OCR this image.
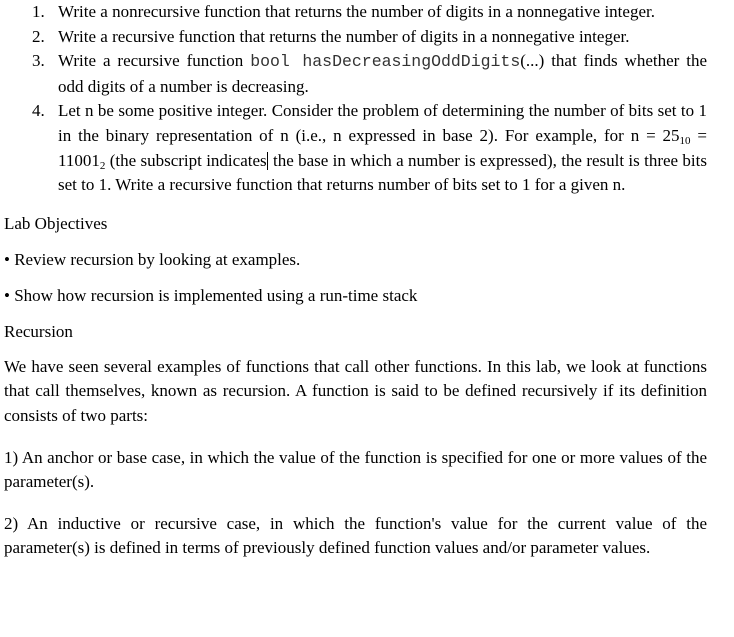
1. Write a nonrecursive function that returns the number of digits in a nonnegative integer.
2. Write a recursive function that returns the number of digits in a nonnegative integer.
3. Write a recursive function bool hasDecreasingOddDigits(...) that finds whether the odd digits of a number is decreasing.
4. Let n be some positive integer. Consider the problem of determining the number of bits set to 1 in the binary representation of n (i.e., n expressed in base 2). For example, for $n = 25_{10} = 11001_2$ (the subscript indicates the base in which a number is expressed), the result is three bits set to 1. Write a recursive function that returns number of bits set to 1 for a given n.
Lab Objectives
• Review recursion by looking at examples.
• Show how recursion is implemented using a run-time stack
Recursion

We have seen several examples of functions that call other functions. In this lab, we look at functions that call themselves, known as recursion. A function is said to be defined recursively if its definition consists of two parts:

1) An anchor or base case, in which the value of the function is specified for one or more values of the parameter(s).

2) An inductive or recursive case, in which the function's value for the current value of the parameter(s) is defined in terms of previously defined function values and/or parameter values.
